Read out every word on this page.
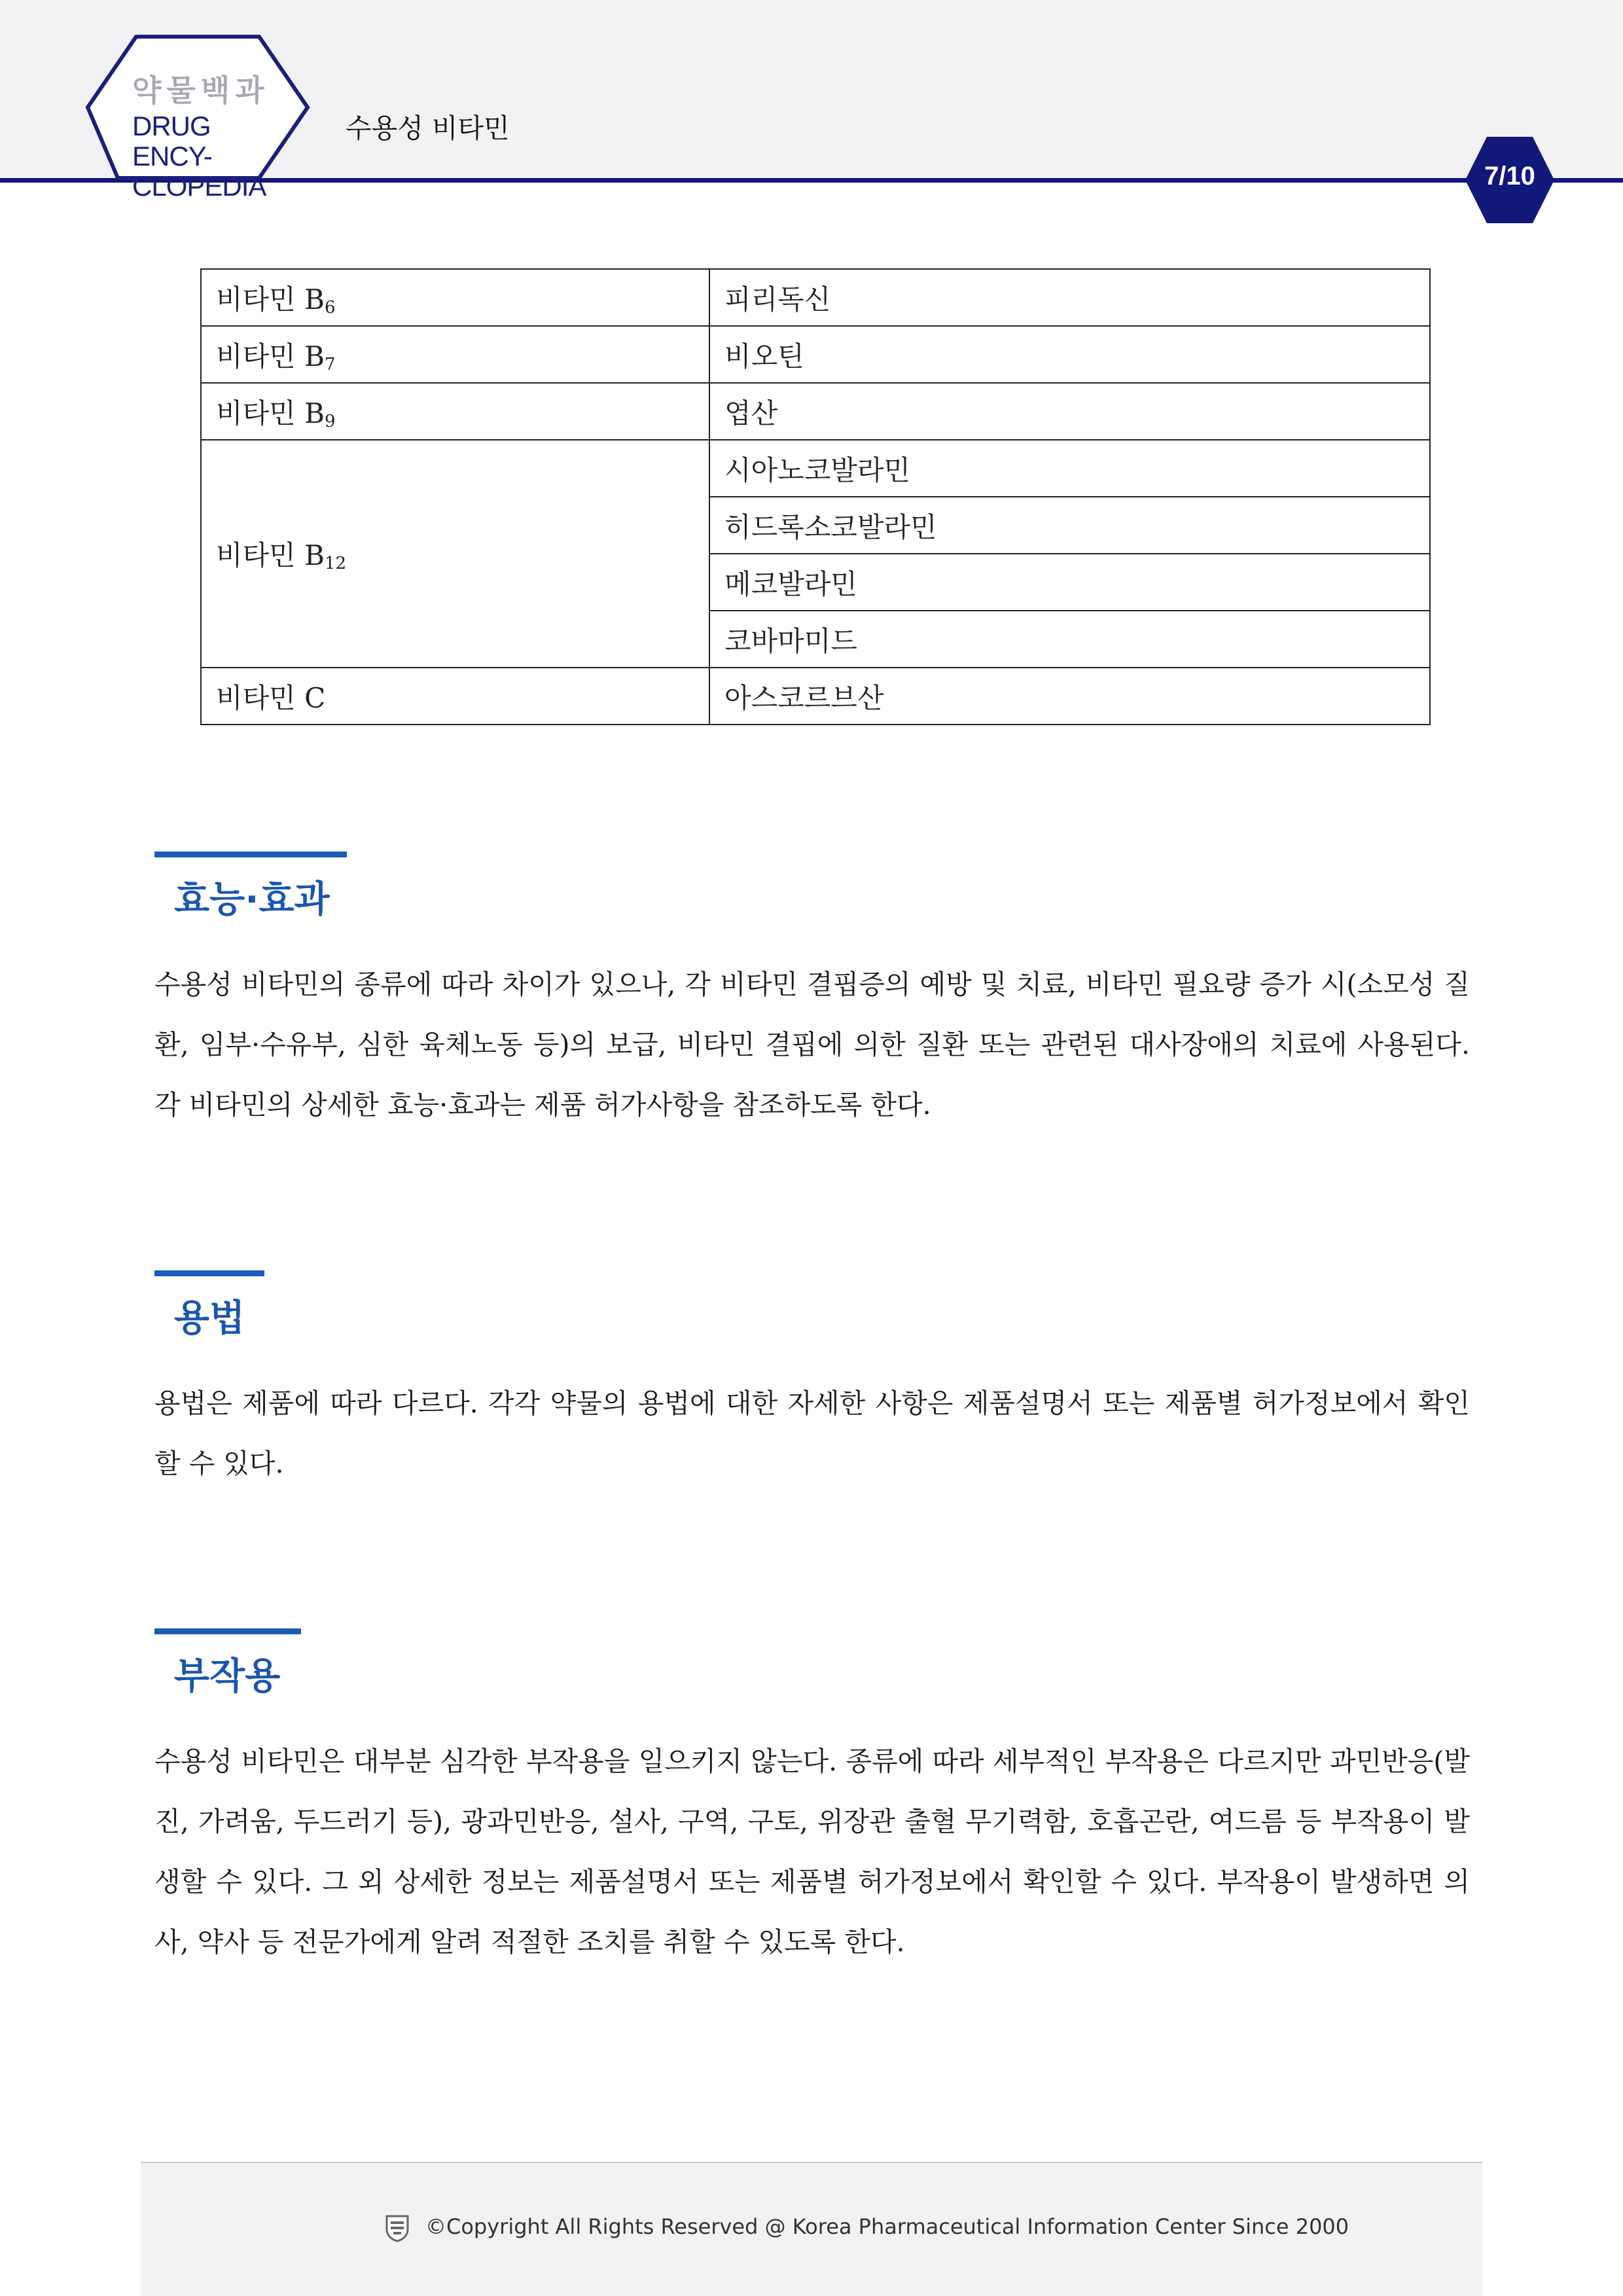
약물백과
DRUG ENCY-
CLOPEDIA
수용성 비타민
7/10
비타민 $B_6$	피리독신
비타민 $B_7$	비오틴
비타민 $B_9$	엽산
비타민 $B_{12}$	시아노코발라민
	히드록소코발라민
	메코발라민
	코바마미드
비타민 C	아스코르브산
효능·효과

수용성 비타민의 종류에 따라 차이가 있으나, 각 비타민 결핍증의 예방 및 치료, 비타민 필요량 증가 시(소모성 질환, 임부·수유부, 심한 육체노동 등)의 보급, 비타민 결핍에 의한 질환 또는 관련된 대사장애의 치료에 사용된다. 각 비타민의 상세한 효능·효과는 제품 허가사항을 참조하도록 한다.

용법

용법은 제품에 따라 다르다. 각각 약물의 용법에 대한 자세한 사항은 제품설명서 또는 제품별 허가정보에서 확인할 수 있다.

부작용

수용성 비타민은 대부분 심각한 부작용을 일으키지 않는다. 종류에 따라 세부적인 부작용은 다르지만 과민반응(발진, 가려움, 두드러기 등), 광과민반응, 설사, 구역, 구토, 위장관 출혈 무기력함, 호흡곤란, 여드름 등 부작용이 발생할 수 있다. 그 외 상세한 정보는 제품설명서 또는 제품별 허가정보에서 확인할 수 있다. 부작용이 발생하면 의사, 약사 등 전문가에게 알려 적절한 조치를 취할 수 있도록 한다.

©Copyright All Rights Reserved @ Korea Pharmaceutical Information Center Since 2000
